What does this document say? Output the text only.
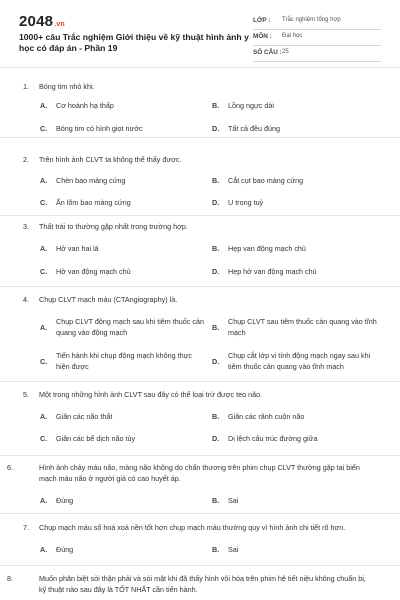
2048.vn
1000+ câu Trắc nghiệm Giới thiệu về kỹ thuật hình ảnh y học có đáp án - Phần 19
LỚP : Trắc nghiệm tổng hợp
MÔN : Đại học
SỐ CÂU : 25
1. Bóng tim nhỏ khi.
A. Cơ hoành hạ thấp	B. Lồng ngực dài
C. Bóng tim có hình giọt nước	D. Tất cả đều đúng
2. Trên hình ảnh CLVT ta không thể thấy được.
A. Chèn bao màng cứng	B. Cắt cụt bao màng cứng
C. Ấn lõm bao màng cứng	D. U trong tuỷ
3. Thất trái to thường gặp nhất trong trường hợp.
A. Hở van hai lá	B. Hẹp van động mạch chủ
C. Hở van động mạch chủ	D. Hẹp hở van động mạch chủ
4. Chụp CLVT mạch máu (CTAngiography) là.
A.
Chụp CLVT động mạch sau khi tiêm thuốc cản quang vào động mạch	B.
Chụp CLVT sau tiêm thuốc cản quang vào tĩnh mạch
C.
Tiến hành khi chụp động mạch không thực hiện được	D.
Chụp cắt lớp vi tính động mạch ngay sau khi tiêm thuốc cản quang vào tĩnh mạch
5. Một trong những hình ảnh CLVT sau đây có thể loại trừ được teo não.
A. Giãn các não thất	B. Giãn các rãnh cuộn não
C. Giãn các bể dịch não tủy	D. Di lệch cấu trúc đường giữa
6.	Hình ảnh chảy máu não, màng não không do chấn thương trên phim chụp CLVT thường gặp tai biến mạch máu não ở người già có cao huyết áp.
A. Đúng	B. Sai
7. Chụp mạch máu số hoá xoá nền tốt hơn chụp mạch máu thường quy vì hình ảnh chi tiết rõ hơn.
A. Đúng	B. Sai
8.	Muốn phân biệt sỏi thận phải và sỏi mật khi đã thấy hình vôi hóa trên phim hệ tiết niệu không chuẩn bị, kỹ thuật nào sau đây là TỐT NHẤT cần tiến hành.
